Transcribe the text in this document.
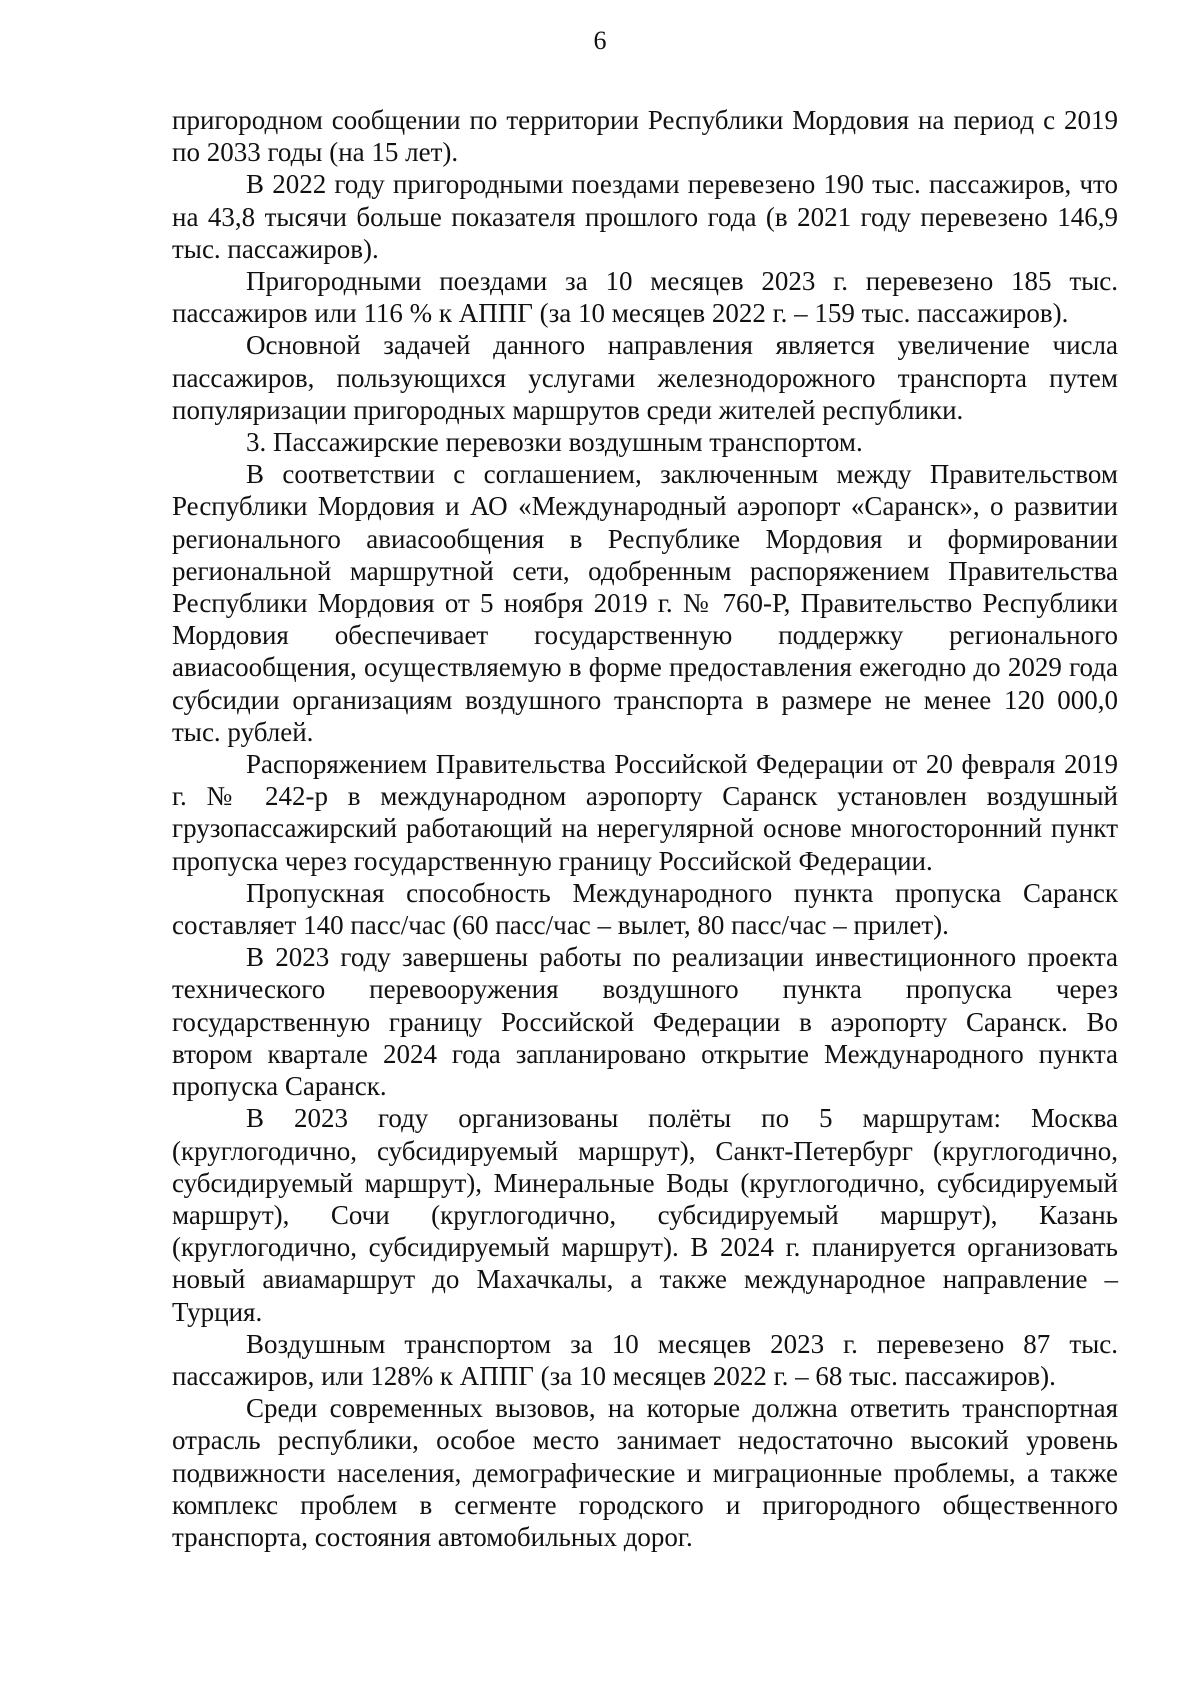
6

пригородном сообщении по территории Республики Мордовия на период с 2019 по 2033 годы (на 15 лет).

В 2022 году пригородными поездами перевезено 190 тыс. пассажиров, что на 43,8 тысячи больше показателя прошлого года (в 2021 году перевезено 146,9 тыс. пассажиров).

Пригородными поездами за 10 месяцев 2023 г. перевезено 185 тыс. пассажиров или 116 % к АППГ (за 10 месяцев 2022 г. – 159 тыс. пассажиров).

Основной задачей данного направления является увеличение числа пассажиров, пользующихся услугами железнодорожного транспорта путем популяризации пригородных маршрутов среди жителей республики.

3. Пассажирские перевозки воздушным транспортом.

В соответствии с соглашением, заключенным между Правительством Республики Мордовия и АО «Международный аэропорт «Саранск», о развитии регионального авиасообщения в Республике Мордовия и формировании региональной маршрутной сети, одобренным распоряжением Правительства Республики Мордовия от 5 ноября 2019 г. № 760-Р, Правительство Республики Мордовия обеспечивает государственную поддержку регионального авиасообщения, осуществляемую в форме предоставления ежегодно до 2029 года субсидии организациям воздушного транспорта в размере не менее 120 000,0 тыс. рублей.

Распоряжением Правительства Российской Федерации от 20 февраля 2019 г. № 242-р в международном аэропорту Саранск установлен воздушный грузопассажирский работающий на нерегулярной основе многосторонний пункт пропуска через государственную границу Российской Федерации.

Пропускная способность Международного пункта пропуска Саранск составляет 140 пасс/час (60 пасс/час – вылет, 80 пасс/час – прилет).

В 2023 году завершены работы по реализации инвестиционного проекта технического перевооружения воздушного пункта пропуска через государственную границу Российской Федерации в аэропорту Саранск. Во втором квартале 2024 года запланировано открытие Международного пункта пропуска Саранск.

В 2023 году организованы полёты по 5 маршрутам: Москва (круглогодично, субсидируемый маршрут), Санкт-Петербург (круглогодично, субсидируемый маршрут), Минеральные Воды (круглогодично, субсидируемый маршрут), Сочи (круглогодично, субсидируемый маршрут), Казань (круглогодично, субсидируемый маршрут). В 2024 г. планируется организовать новый авиамаршрут до Махачкалы, а также международное направление – Турция.

Воздушным транспортом за 10 месяцев 2023 г. перевезено 87 тыс. пассажиров, или 128% к АППГ (за 10 месяцев 2022 г. – 68 тыс. пассажиров).

Среди современных вызовов, на которые должна ответить транспортная отрасль республики, особое место занимает недостаточно высокий уровень подвижности населения, демографические и миграционные проблемы, а также комплекс проблем в сегменте городского и пригородного общественного транспорта, состояния автомобильных дорог.
